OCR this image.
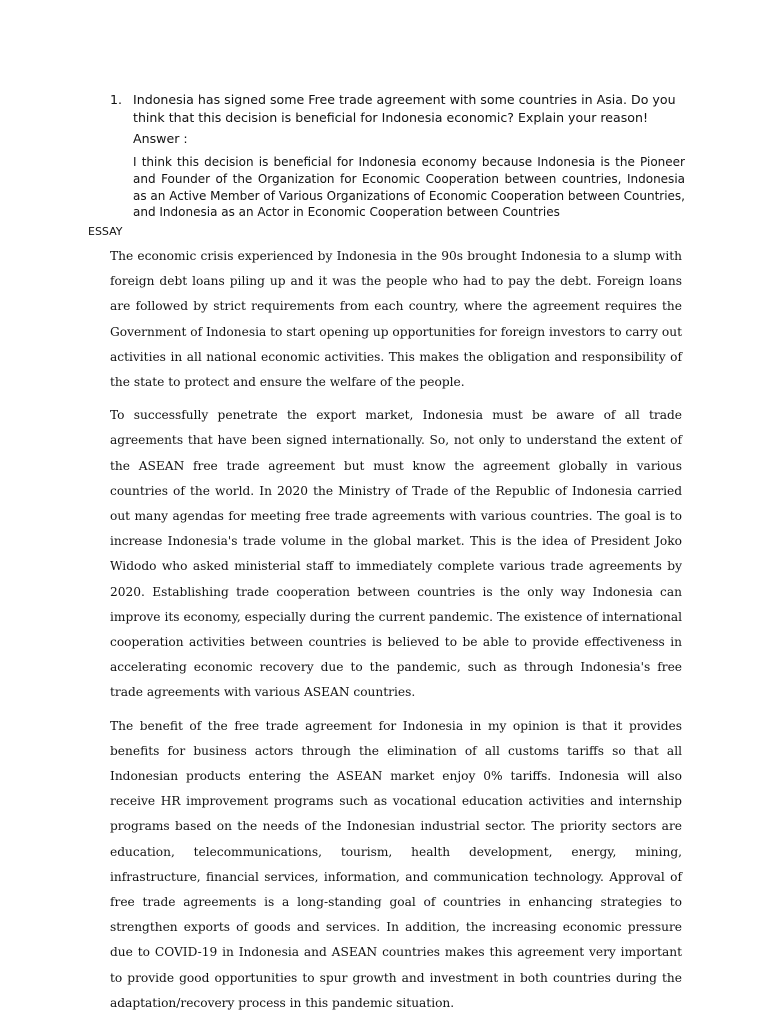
1. Indonesia has signed some Free trade agreement with some countries in Asia. Do you think that this decision is beneficial for Indonesia economic? Explain your reason!
Answer :
I think this decision is beneficial for Indonesia economy because Indonesia is the Pioneer and Founder of the Organization for Economic Cooperation between countries, Indonesia as an Active Member of Various Organizations of Economic Cooperation between Countries, and Indonesia as an Actor in Economic Cooperation between Countries
ESSAY

The economic crisis experienced by Indonesia in the 90s brought Indonesia to a slump with foreign debt loans piling up and it was the people who had to pay the debt. Foreign loans are followed by strict requirements from each country, where the agreement requires the Government of Indonesia to start opening up opportunities for foreign investors to carry out activities in all national economic activities. This makes the obligation and responsibility of the state to protect and ensure the welfare of the people.

To successfully penetrate the export market, Indonesia must be aware of all trade agreements that have been signed internationally. So, not only to understand the extent of the ASEAN free trade agreement but must know the agreement globally in various countries of the world. In 2020 the Ministry of Trade of the Republic of Indonesia carried out many agendas for meeting free trade agreements with various countries. The goal is to increase Indonesia's trade volume in the global market. This is the idea of President Joko Widodo who asked ministerial staff to immediately complete various trade agreements by 2020. Establishing trade cooperation between countries is the only way Indonesia can improve its economy, especially during the current pandemic. The existence of international cooperation activities between countries is believed to be able to provide effectiveness in accelerating economic recovery due to the pandemic, such as through Indonesia's free trade agreements with various ASEAN countries.

The benefit of the free trade agreement for Indonesia in my opinion is that it provides benefits for business actors through the elimination of all customs tariffs so that all Indonesian products entering the ASEAN market enjoy 0% tariffs. Indonesia will also receive HR improvement programs such as vocational education activities and internship programs based on the needs of the Indonesian industrial sector. The priority sectors are education, telecommunications, tourism, health development, energy, mining, infrastructure, financial services, information, and communication technology. Approval of free trade agreements is a long-standing goal of countries in enhancing strategies to strengthen exports of goods and services. In addition, the increasing economic pressure due to COVID-19 in Indonesia and ASEAN countries makes this agreement very important to provide good opportunities to spur growth and investment in both countries during the adaptation/recovery process in this pandemic situation.
